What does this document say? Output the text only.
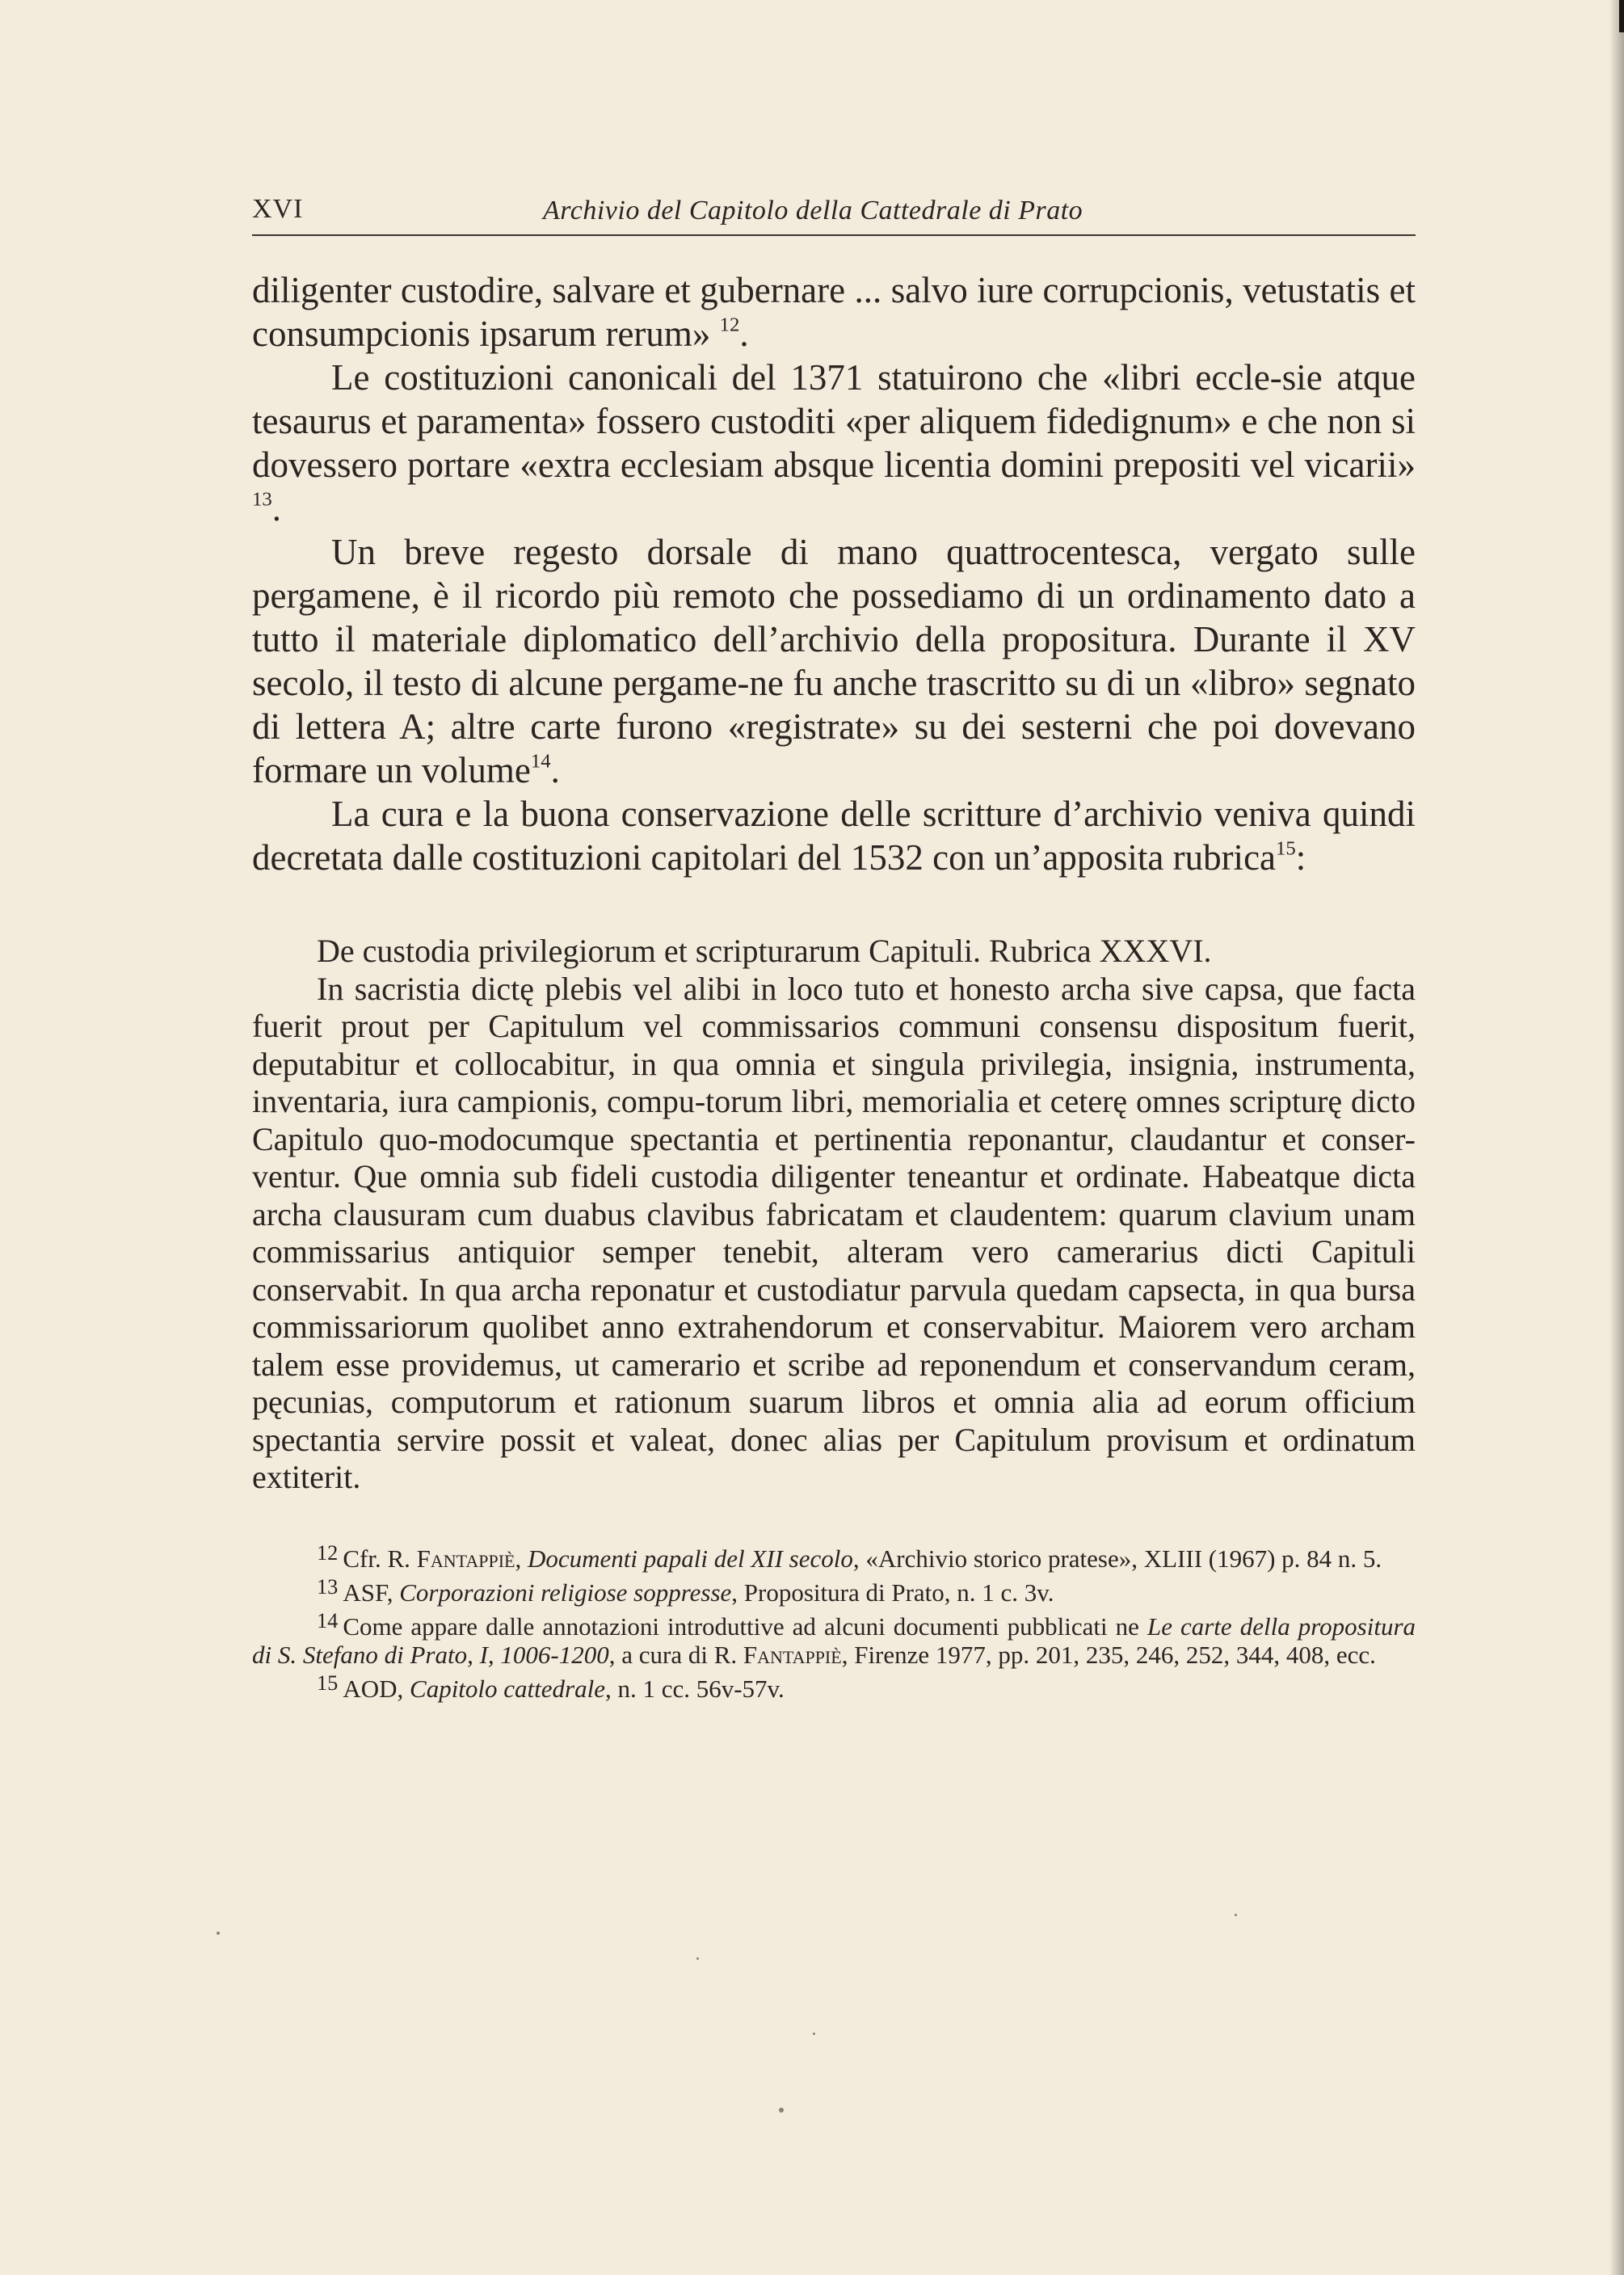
XVI	Archivio del Capitolo della Cattedrale di Prato

diligenter custodire, salvare et gubernare ... salvo iure corrupcionis, vetustatis et consumpcionis ipsarum rerum» $^{12}$.

Le costituzioni canonicali del 1371 statuirono che «libri eccle-sie atque tesaurus et paramenta» fossero custoditi «per aliquem fidedignum» e che non si dovessero portare «extra ecclesiam absque licentia domini prepositi vel vicarii» $^{13}$.

Un breve regesto dorsale di mano quattrocentesca, vergato sulle pergamene, è il ricordo più remoto che possediamo di un ordinamento dato a tutto il materiale diplomatico dell’archivio della propositura. Durante il XV secolo, il testo di alcune pergame-ne fu anche trascritto su di un «libro» segnato di lettera A; altre carte furono «registrate» su dei sesterni che poi dovevano formare un volume$^{14}$.

La cura e la buona conservazione delle scritture d’archivio veniva quindi decretata dalle costituzioni capitolari del 1532 con un’apposita rubrica$^{15}$:

De custodia privilegiorum et scripturarum Capituli. Rubrica XXXVI.

In sacristia dictę plebis vel alibi in loco tuto et honesto archa sive capsa, que facta fuerit prout per Capitulum vel commissarios communi consensu dispositum fuerit, deputabitur et collocabitur, in qua omnia et singula privilegia, insignia, instrumenta, inventaria, iura campionis, compu-torum libri, memorialia et ceterę omnes scripturę dicto Capitulo quo-modocumque spectantia et pertinentia reponantur, claudantur et conser-ventur. Que omnia sub fideli custodia diligenter teneantur et ordinate. Habeatque dicta archa clausuram cum duabus clavibus fabricatam et claudentem: quarum clavium unam commissarius antiquior semper tenebit, alteram vero camerarius dicti Capituli conservabit. In qua archa reponatur et custodiatur parvula quedam capsecta, in qua bursa commissariorum quolibet anno extrahendorum et conservabitur. Maiorem vero archam talem esse providemus, ut camerario et scribe ad reponendum et conservandum ceram, pęcunias, computorum et rationum suarum libros et omnia alia ad eorum officium spectantia servire possit et valeat, donec alias per Capitulum provisum et ordinatum extiterit.

12 Cfr. R. Fantappiè, Documenti papali del XII secolo, «Archivio storico pratese», XLIII (1967) p. 84 n. 5.

13 ASF, Corporazioni religiose soppresse, Propositura di Prato, n. 1 c. 3v.

14 Come appare dalle annotazioni introduttive ad alcuni documenti pubblicati ne Le carte della propositura di S. Stefano di Prato, I, 1006-1200, a cura di R. Fantappiè, Firenze 1977, pp. 201, 235, 246, 252, 344, 408, ecc.

15 AOD, Capitolo cattedrale, n. 1 cc. 56v-57v.
